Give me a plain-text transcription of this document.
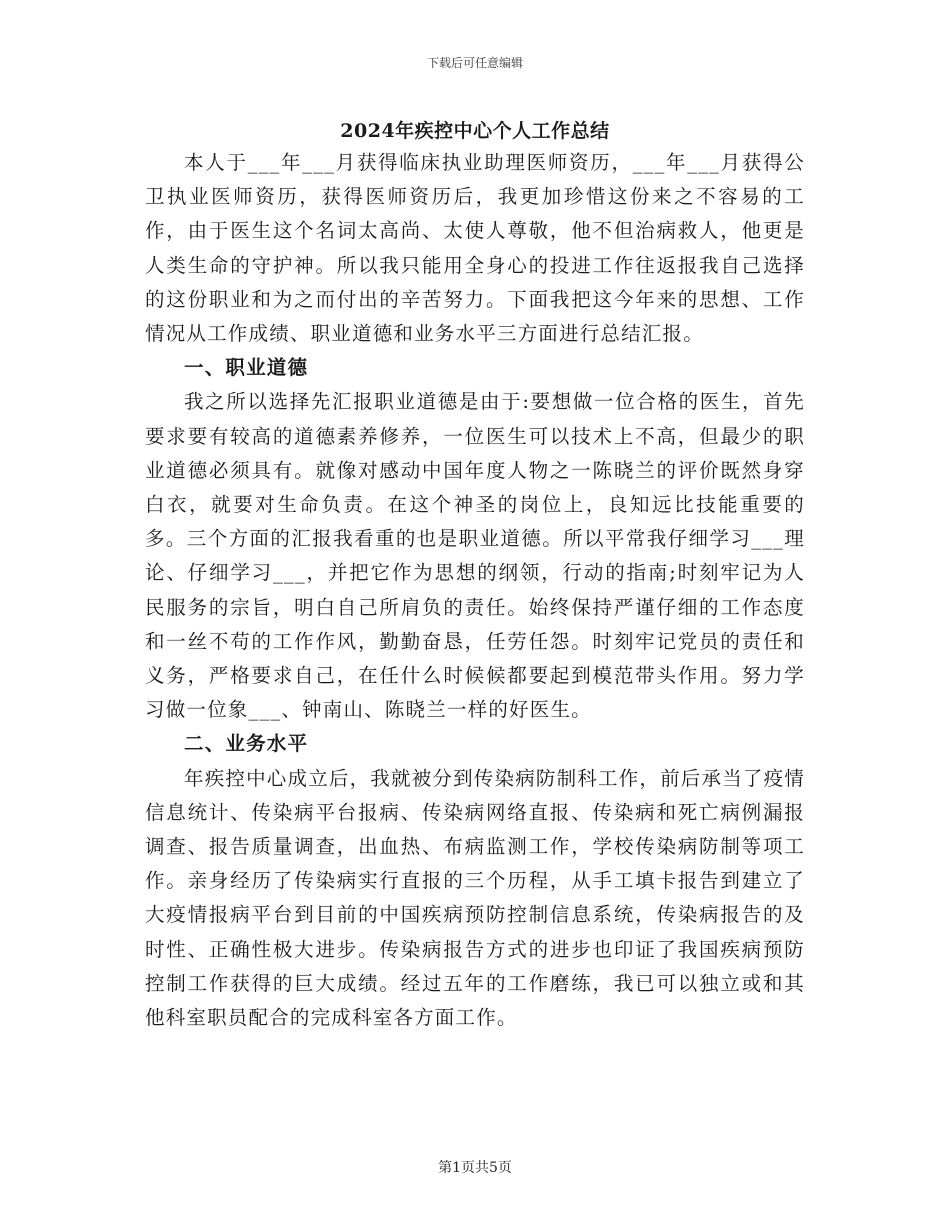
下载后可任意编辑
2024年疾控中心个人工作总结

本人于___年___月获得临床执业助理医师资历，___年___月获得公卫执业医师资历，获得医师资历后，我更加珍惜这份来之不容易的工作，由于医生这个名词太高尚、太使人尊敬，他不但治病救人，他更是人类生命的守护神。所以我只能用全身心的投进工作往返报我自己选择的这份职业和为之而付出的辛苦努力。下面我把这今年来的思想、工作情况从工作成绩、职业道德和业务水平三方面进行总结汇报。

一、职业道德

我之所以选择先汇报职业道德是由于:要想做一位合格的医生，首先要求要有较高的道德素养修养，一位医生可以技术上不高，但最少的职业道德必须具有。就像对感动中国年度人物之一陈晓兰的评价既然身穿白衣，就要对生命负责。在这个神圣的岗位上，良知远比技能重要的多。三个方面的汇报我看重的也是职业道德。所以平常我仔细学习___理论、仔细学习___，并把它作为思想的纲领，行动的指南;时刻牢记为人民服务的宗旨，明白自己所肩负的责任。始终保持严谨仔细的工作态度和一丝不苟的工作作风，勤勤奋恳，任劳任怨。时刻牢记党员的责任和义务，严格要求自己，在任什么时候候都要起到模范带头作用。努力学习做一位象___、钟南山、陈晓兰一样的好医生。

二、业务水平

年疾控中心成立后，我就被分到传染病防制科工作，前后承当了疫情信息统计、传染病平台报病、传染病网络直报、传染病和死亡病例漏报调查、报告质量调查，出血热、布病监测工作，学校传染病防制等项工作。亲身经历了传染病实行直报的三个历程，从手工填卡报告到建立了大疫情报病平台到目前的中国疾病预防控制信息系统，传染病报告的及时性、正确性极大进步。传染病报告方式的进步也印证了我国疾病预防控制工作获得的巨大成绩。经过五年的工作磨练，我已可以独立或和其他科室职员配合的完成科室各方面工作。

第1页共5页
